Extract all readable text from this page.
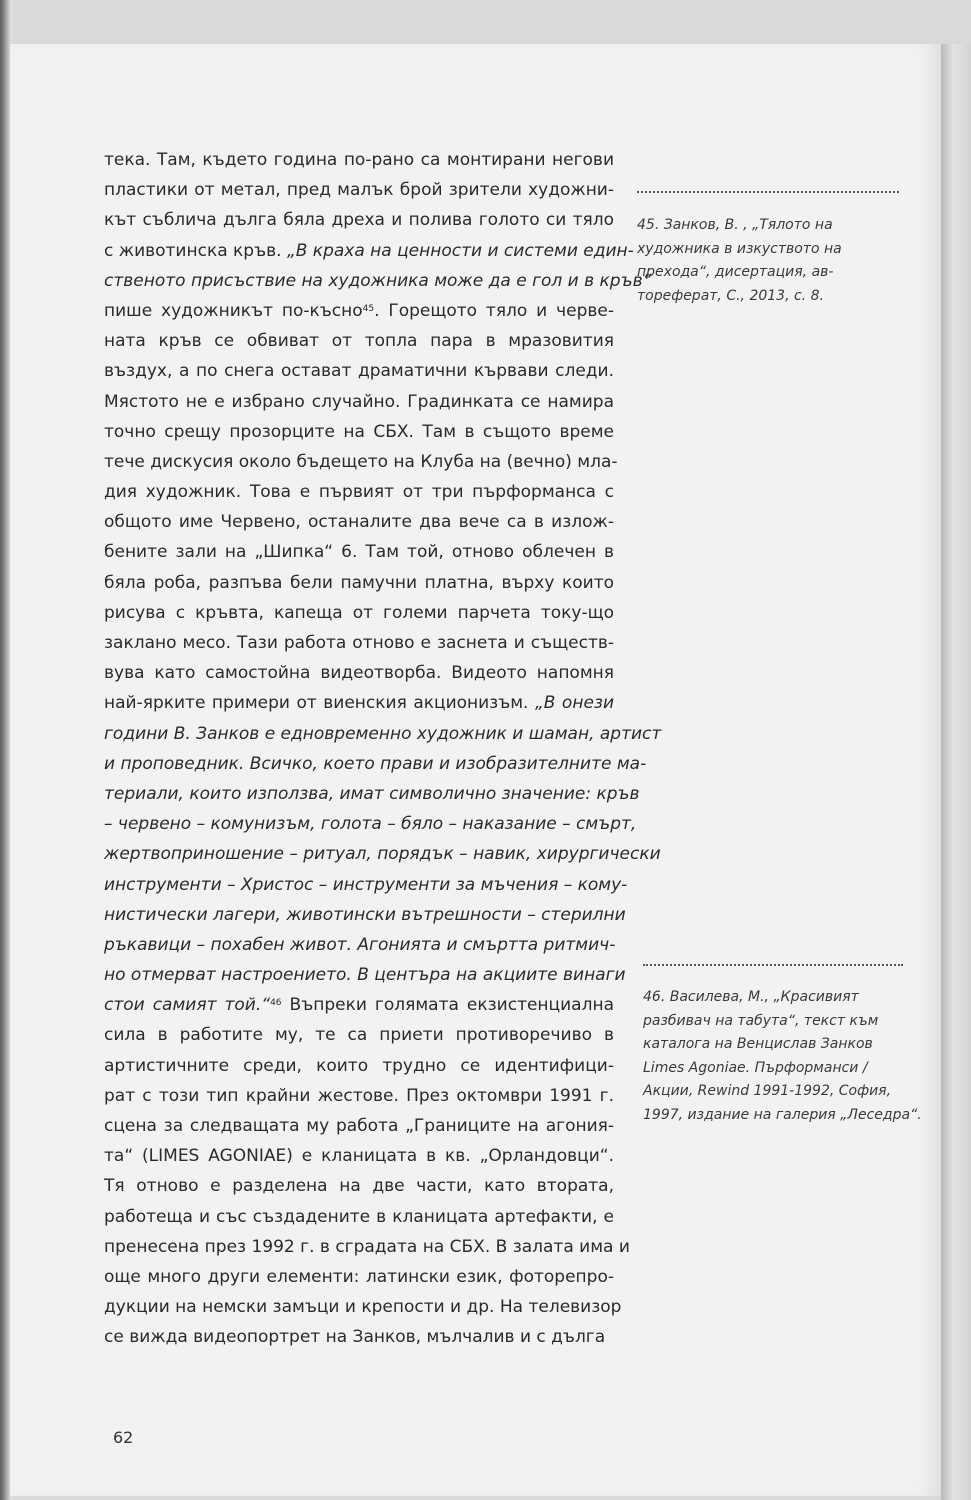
тека. Там, където година по-рано са монтирани негови
пластики от метал, пред малък брой зрители художни-
кът съблича дълга бяла дреха и полива голото си тяло
с животинска кръв. „В краха на ценности и системи един-
ственото присъствие на художника може да е гол и в кръв“
пише художникът по-късно$^{45}$. Горещото тяло и черве-
ната кръв се обвиват от топла пара в мразовития
въздух, а по снега остават драматични кървави следи.
Мястото не е избрано случайно. Градинката се намира
точно срещу прозорците на СБХ. Там в същото време
тече дискусия около бъдещето на Клуба на (вечно) мла-
дия художник. Това е първият от три пърформанса с
общото име Червено, останалите два вече са в излож-
бените зали на „Шипка“ 6. Там той, отново облечен в
бяла роба, разпъва бели памучни платна, върху които
рисува с кръвта, капеща от големи парчета току-що
заклано месо. Тази работа отново е заснета и съществ-
вува като самостойна видеотворба. Видеото напомня
най-ярките примери от виенския акционизъм. „В онези
години В. Занков е едновременно художник и шаман, артист
и проповедник. Всичко, което прави и изобразителните ма-
териали, които използва, имат символично значение: кръв
– червено – комунизъм, голота – бяло – наказание – смърт,
жертвоприношение – ритуал, порядък – навик, хирургически
инструменти – Христос – инструменти за мъчения – кому-
нистически лагери, животински вътрешности – стерилни
ръкавици – похабен живот. Агонията и смъртта ритмич-
но отмерват настроението. В центъра на акциите винаги
стои самият той.“$^{46}$ Въпреки голямата екзистенциална
сила в работите му, те са приети противоречиво в
артистичните среди, които трудно се идентифици-
рат с този тип крайни жестове. През октомври 1991 г.
сцена за следващата му работа „Границите на агония-
та“ (LIMES AGONIAE) е кланицата в кв. „Орландовци“.
Тя отново е разделена на две части, като втората,
работеща и със създадените в кланицата артефакти, е
пренесена през 1992 г. в сградата на СБХ. В залата има и
още много други елементи: латински език, фоторепро-
дукции на немски замъци и крепости и др. На телевизор
се вижда видеопортрет на Занков, мълчалив и с дълга
45. Занков, В. , „Тялото на
художника в изкуството на
прехода“, дисертация, ав-
тореферат, С., 2013, с. 8.
46. Василева, М., „Красивият
разбивач на табута“, текст към
каталога на Венцислав Занков
Limes Agoniae. Пърформанси /
Акции, Rewind 1991-1992, София,
1997, издание на галерия „Леседра“.
62
